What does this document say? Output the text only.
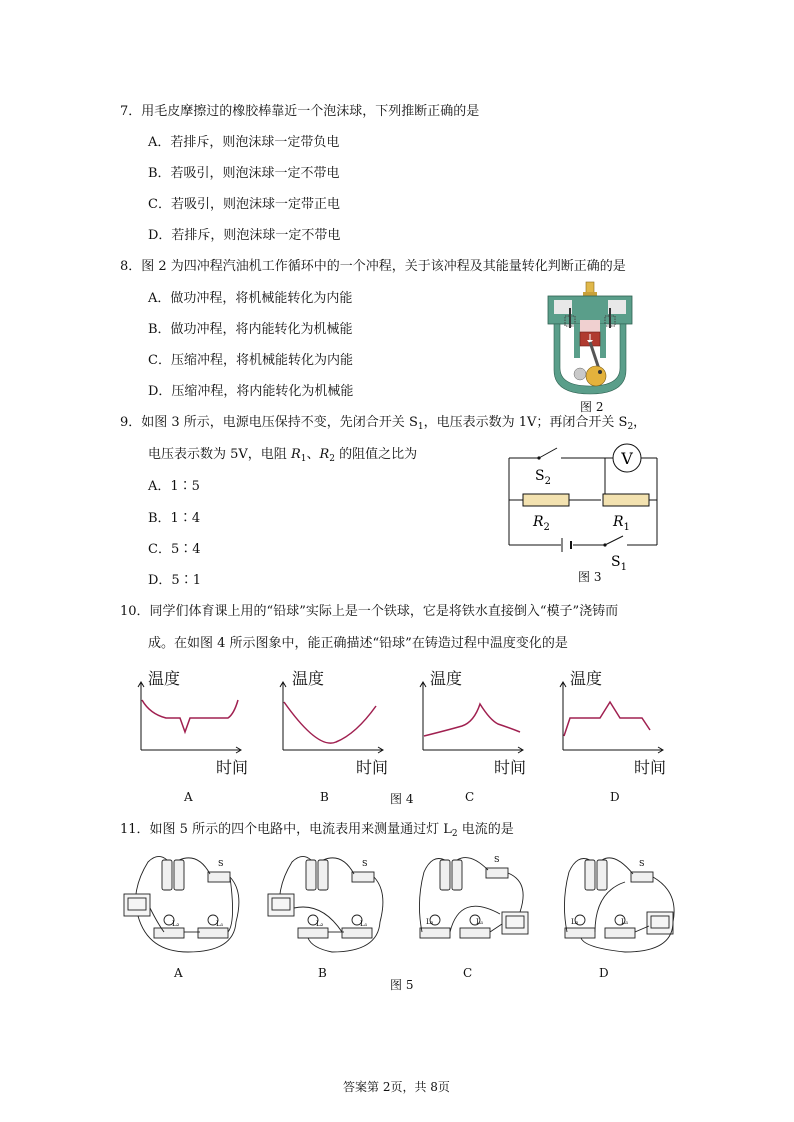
7．用毛皮摩擦过的橡胶棒靠近一个泡沫球，下列推断正确的是
A．若排斥，则泡沫球一定带负电
B．若吸引，则泡沫球一定不带电
C．若吸引，则泡沫球一定带正电
D．若排斥，则泡沫球一定不带电
8．图 2 为四冲程汽油机工作循环中的一个冲程，关于该冲程及其能量转化判断正确的是
A．做功冲程，将机械能转化为内能
B．做功冲程，将内能转化为机械能
C．压缩冲程，将机械能转化为内能
D．压缩冲程，将内能转化为机械能
图 2
9．如图 3 所示，电源电压保持不变，先闭合开关 $S_1$，电压表示数为 1V；再闭合开关 $S_2$，
电压表示数为 5V，电阻 $R_1$、$R_2$ 的阻值之比为
A．1∶5
B．1∶4
C．5∶4
D．5∶1
V
$S_2$
$R_2$	$R_1$
$S_1$
图 3
10．同学们体育课上用的“铅球”实际上是一个铁球，它是将铁水直接倒入“模子”浇铸而
成。在如图 4 所示图象中，能正确描述“铅球”在铸造过程中温度变化的是
温度
时间
温度
时间
温度
时间
温度
时间
A	B	图 4	C	D
11．如图 5 所示的四个电路中，电流表用来测量通过灯 $L_2$ 电流的是
S
L₂	L₁
S
L₂	L₁
S
L₂	L₁
S
L₂	L₁
A	B	C	D
图 5
答案第 2页，共 8页
